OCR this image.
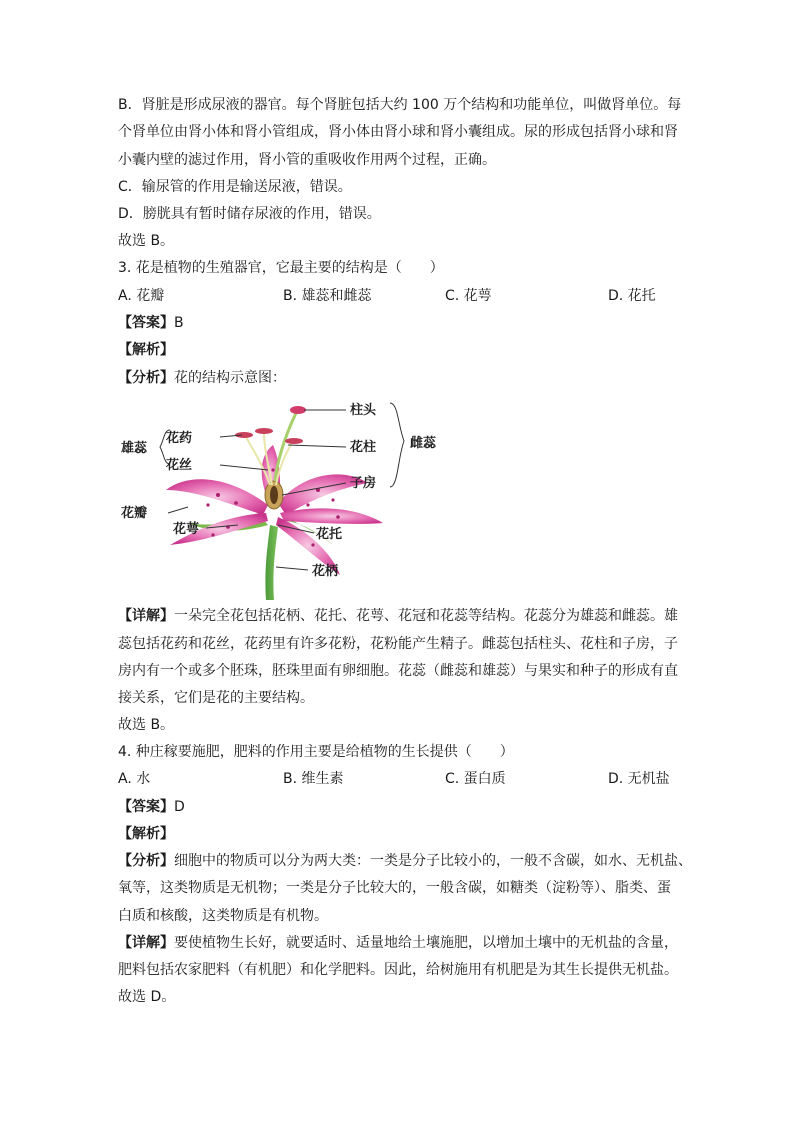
B．肾脏是形成尿液的器官。每个肾脏包括大约 100 万个结构和功能单位，叫做肾单位。每
个肾单位由肾小体和肾小管组成，肾小体由肾小球和肾小囊组成。尿的形成包括肾小球和肾
小囊内壁的滤过作用，肾小管的重吸收作用两个过程，正确。
C．输尿管的作用是输送尿液，错误。
D．膀胱具有暂时储存尿液的作用，错误。
故选 B。
3. 花是植物的生殖器官，它最主要的结构是（　　）
A. 花瓣	B. 雄蕊和雌蕊	C. 花萼	D. 花托
【答案】B
【解析】
【分析】花的结构示意图：
柱头
花药
雄蕊
花丝
花柱	雌蕊
子房
花瓣
花萼	花托
花柄
【详解】一朵完全花包括花柄、花托、花萼、花冠和花蕊等结构。花蕊分为雄蕊和雌蕊。雄
蕊包括花药和花丝，花药里有许多花粉，花粉能产生精子。雌蕊包括柱头、花柱和子房，子
房内有一个或多个胚珠，胚珠里面有卵细胞。花蕊（雌蕊和雄蕊）与果实和种子的形成有直
接关系，它们是花的主要结构。
故选 B。
4. 种庄稼要施肥，肥料的作用主要是给植物的生长提供（　　）
A. 水	B. 维生素	C. 蛋白质	D. 无机盐
【答案】D
【解析】
【分析】细胞中的物质可以分为两大类：一类是分子比较小的，一般不含碳，如水、无机盐、
氧等，这类物质是无机物；一类是分子比较大的，一般含碳，如糖类（淀粉等）、脂类、蛋
白质和核酸，这类物质是有机物。
【详解】要使植物生长好，就要适时、适量地给土壤施肥，以增加土壤中的无机盐的含量，
肥料包括农家肥料（有机肥）和化学肥料。因此，给树施用有机肥是为其生长提供无机盐。
故选 D。
